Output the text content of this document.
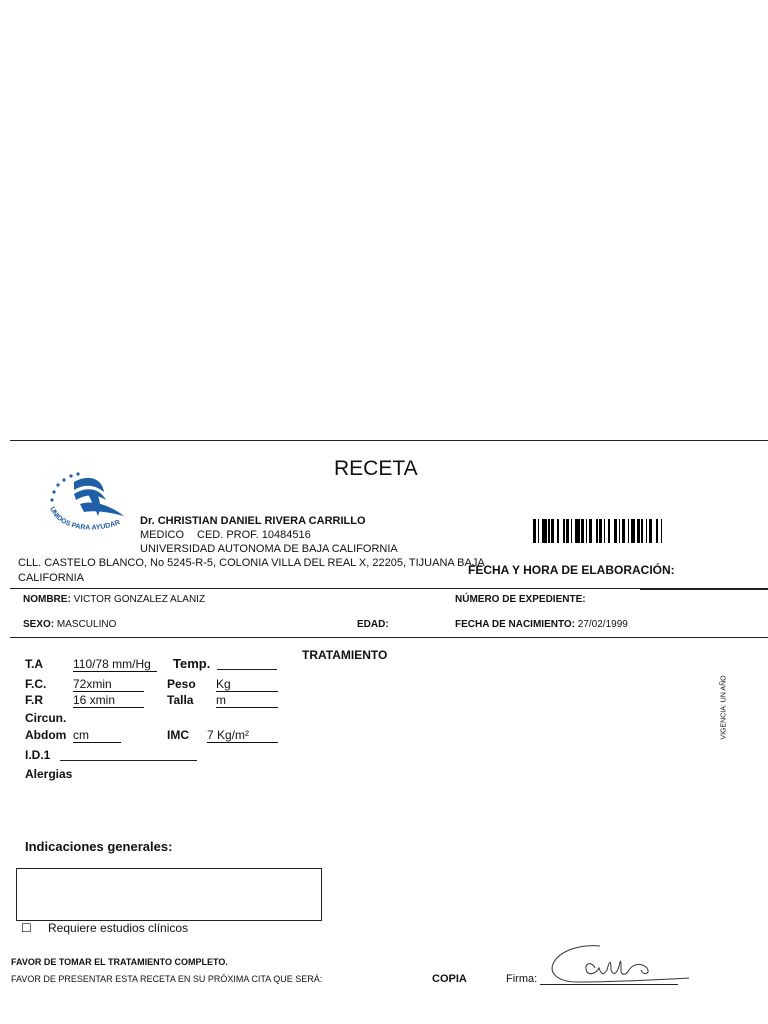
RECETA
UNIDOS PARA AYUDAR Dr. CHRISTIAN DANIEL RIVERA CARRILLO
MEDICO CED. PROF. 10484516
UNIVERSIDAD AUTONOMA DE BAJA CALIFORNIA
CLL. CASTELO BLANCO, No 5245-R-5, COLONIA VILLA DEL REAL X, 22205, TIJUANA BAJA
CALIFORNIA
FECHA Y HORA DE ELABORACIÓN:
NOMBRE: VICTOR GONZALEZ ALANIZ	NÚMERO DE EXPEDIENTE:
SEXO: MASCULINO	EDAD:	FECHA DE NACIMIENTO: 27/02/1999
TRATAMIENTO
T.A	110/78 mm/Hg	Temp.
F.C. 72xmin	Peso Kg
F.R	16 xmin	Talla m
Circun.
Abdom cm	IMC 7 Kg/m²
I.D.1
Alergias
VIGENCIA: UN AÑO
Indicaciones generales:
☐ Requiere estudios clínicos
FAVOR DE TOMAR EL TRATAMIENTO COMPLETO.
FAVOR DE PRESENTAR ESTA RECETA EN SU PRÓXIMA CITA QUE SERÁ:	COPIA	Firma:
